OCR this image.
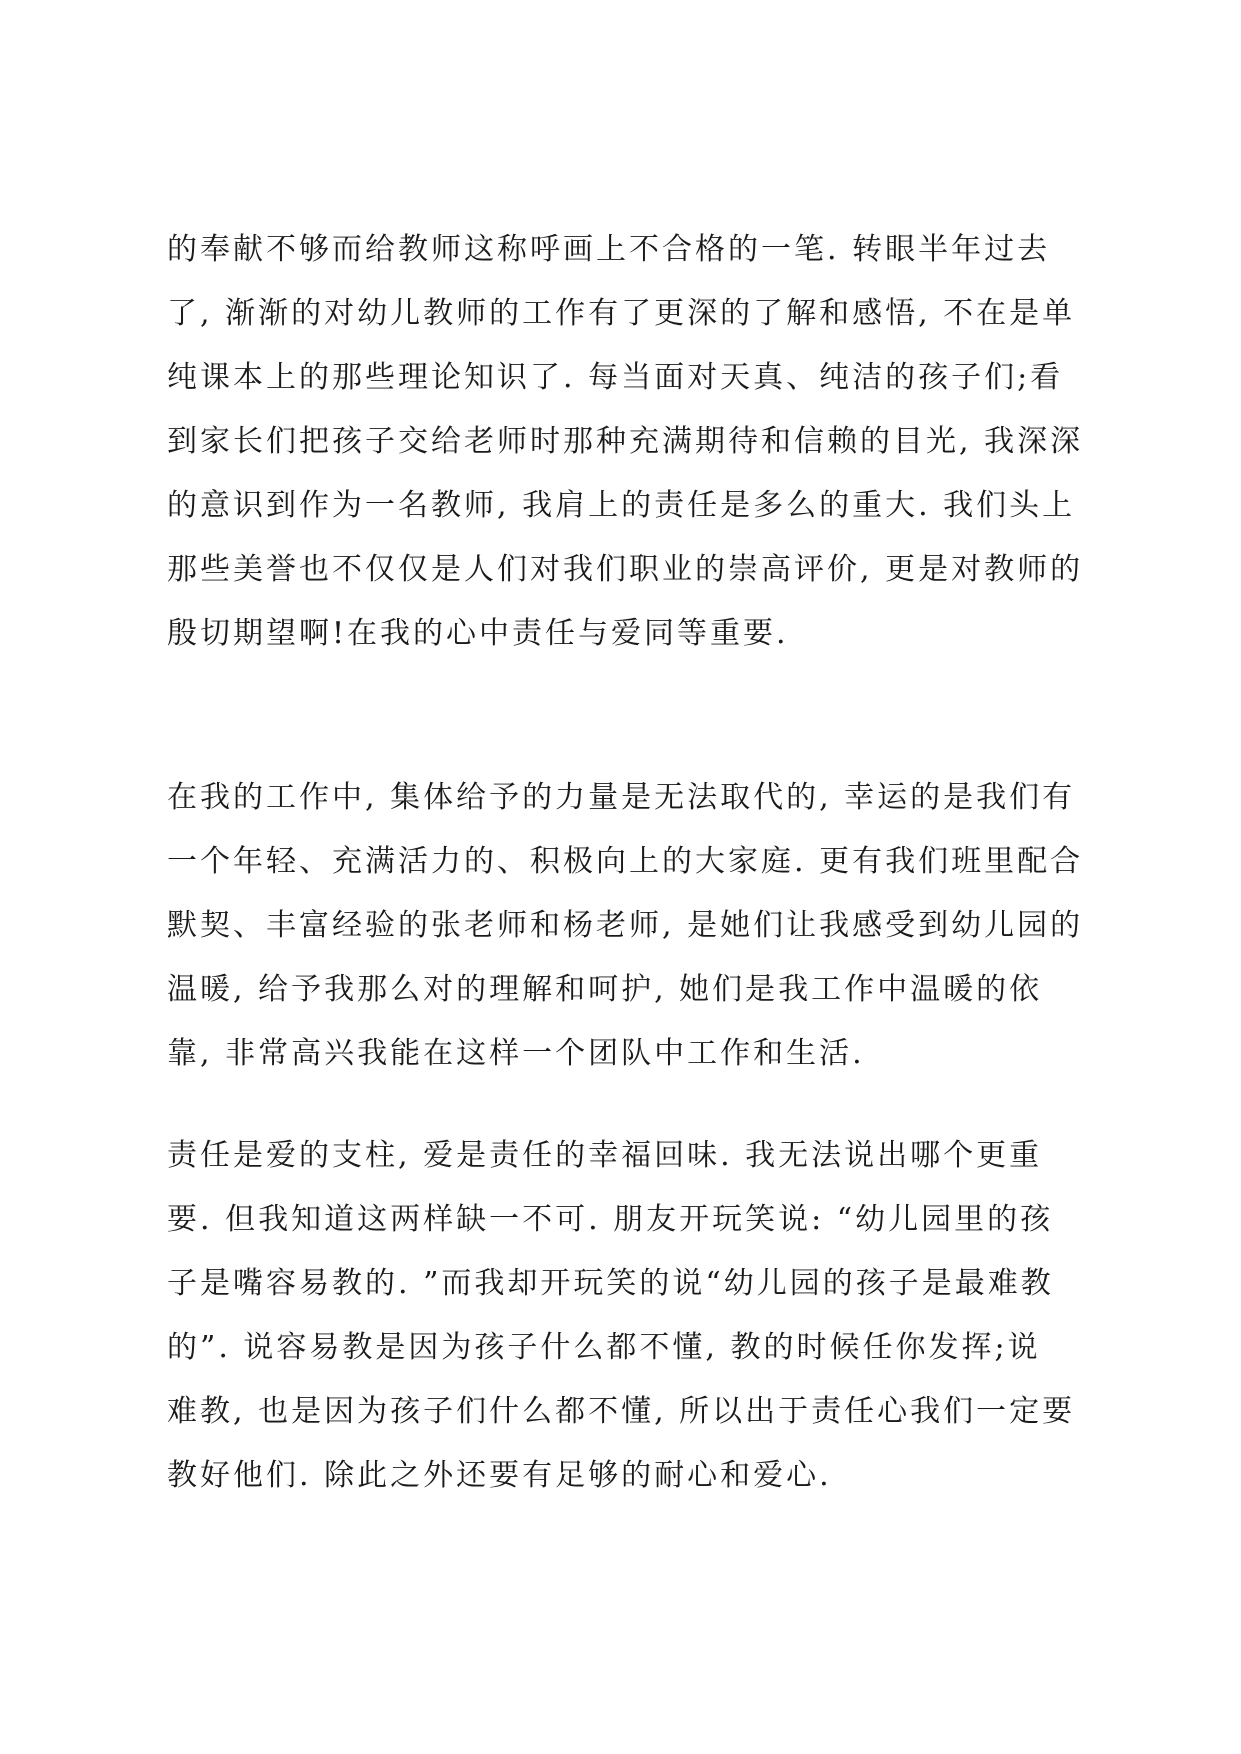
的奉献不够而给教师这称呼画上不合格的一笔. 转眼半年过去
了, 渐渐的对幼儿教师的工作有了更深的了解和感悟, 不在是单
纯课本上的那些理论知识了. 每当面对天真、纯洁的孩子们;看
到家长们把孩子交给老师时那种充满期待和信赖的目光, 我深深
的意识到作为一名教师, 我肩上的责任是多么的重大. 我们头上
那些美誉也不仅仅是人们对我们职业的崇高评价, 更是对教师的
殷切期望啊!在我的心中责任与爱同等重要.
在我的工作中, 集体给予的力量是无法取代的, 幸运的是我们有
一个年轻、充满活力的、积极向上的大家庭. 更有我们班里配合
默契、丰富经验的张老师和杨老师, 是她们让我感受到幼儿园的
温暖, 给予我那么对的理解和呵护, 她们是我工作中温暖的依
靠, 非常高兴我能在这样一个团队中工作和生活.
责任是爱的支柱, 爱是责任的幸福回味. 我无法说出哪个更重
要. 但我知道这两样缺一不可. 朋友开玩笑说: “幼儿园里的孩
子是嘴容易教的. ”而我却开玩笑的说“幼儿园的孩子是最难教
的”. 说容易教是因为孩子什么都不懂, 教的时候任你发挥;说
难教, 也是因为孩子们什么都不懂, 所以出于责任心我们一定要
教好他们. 除此之外还要有足够的耐心和爱心.
